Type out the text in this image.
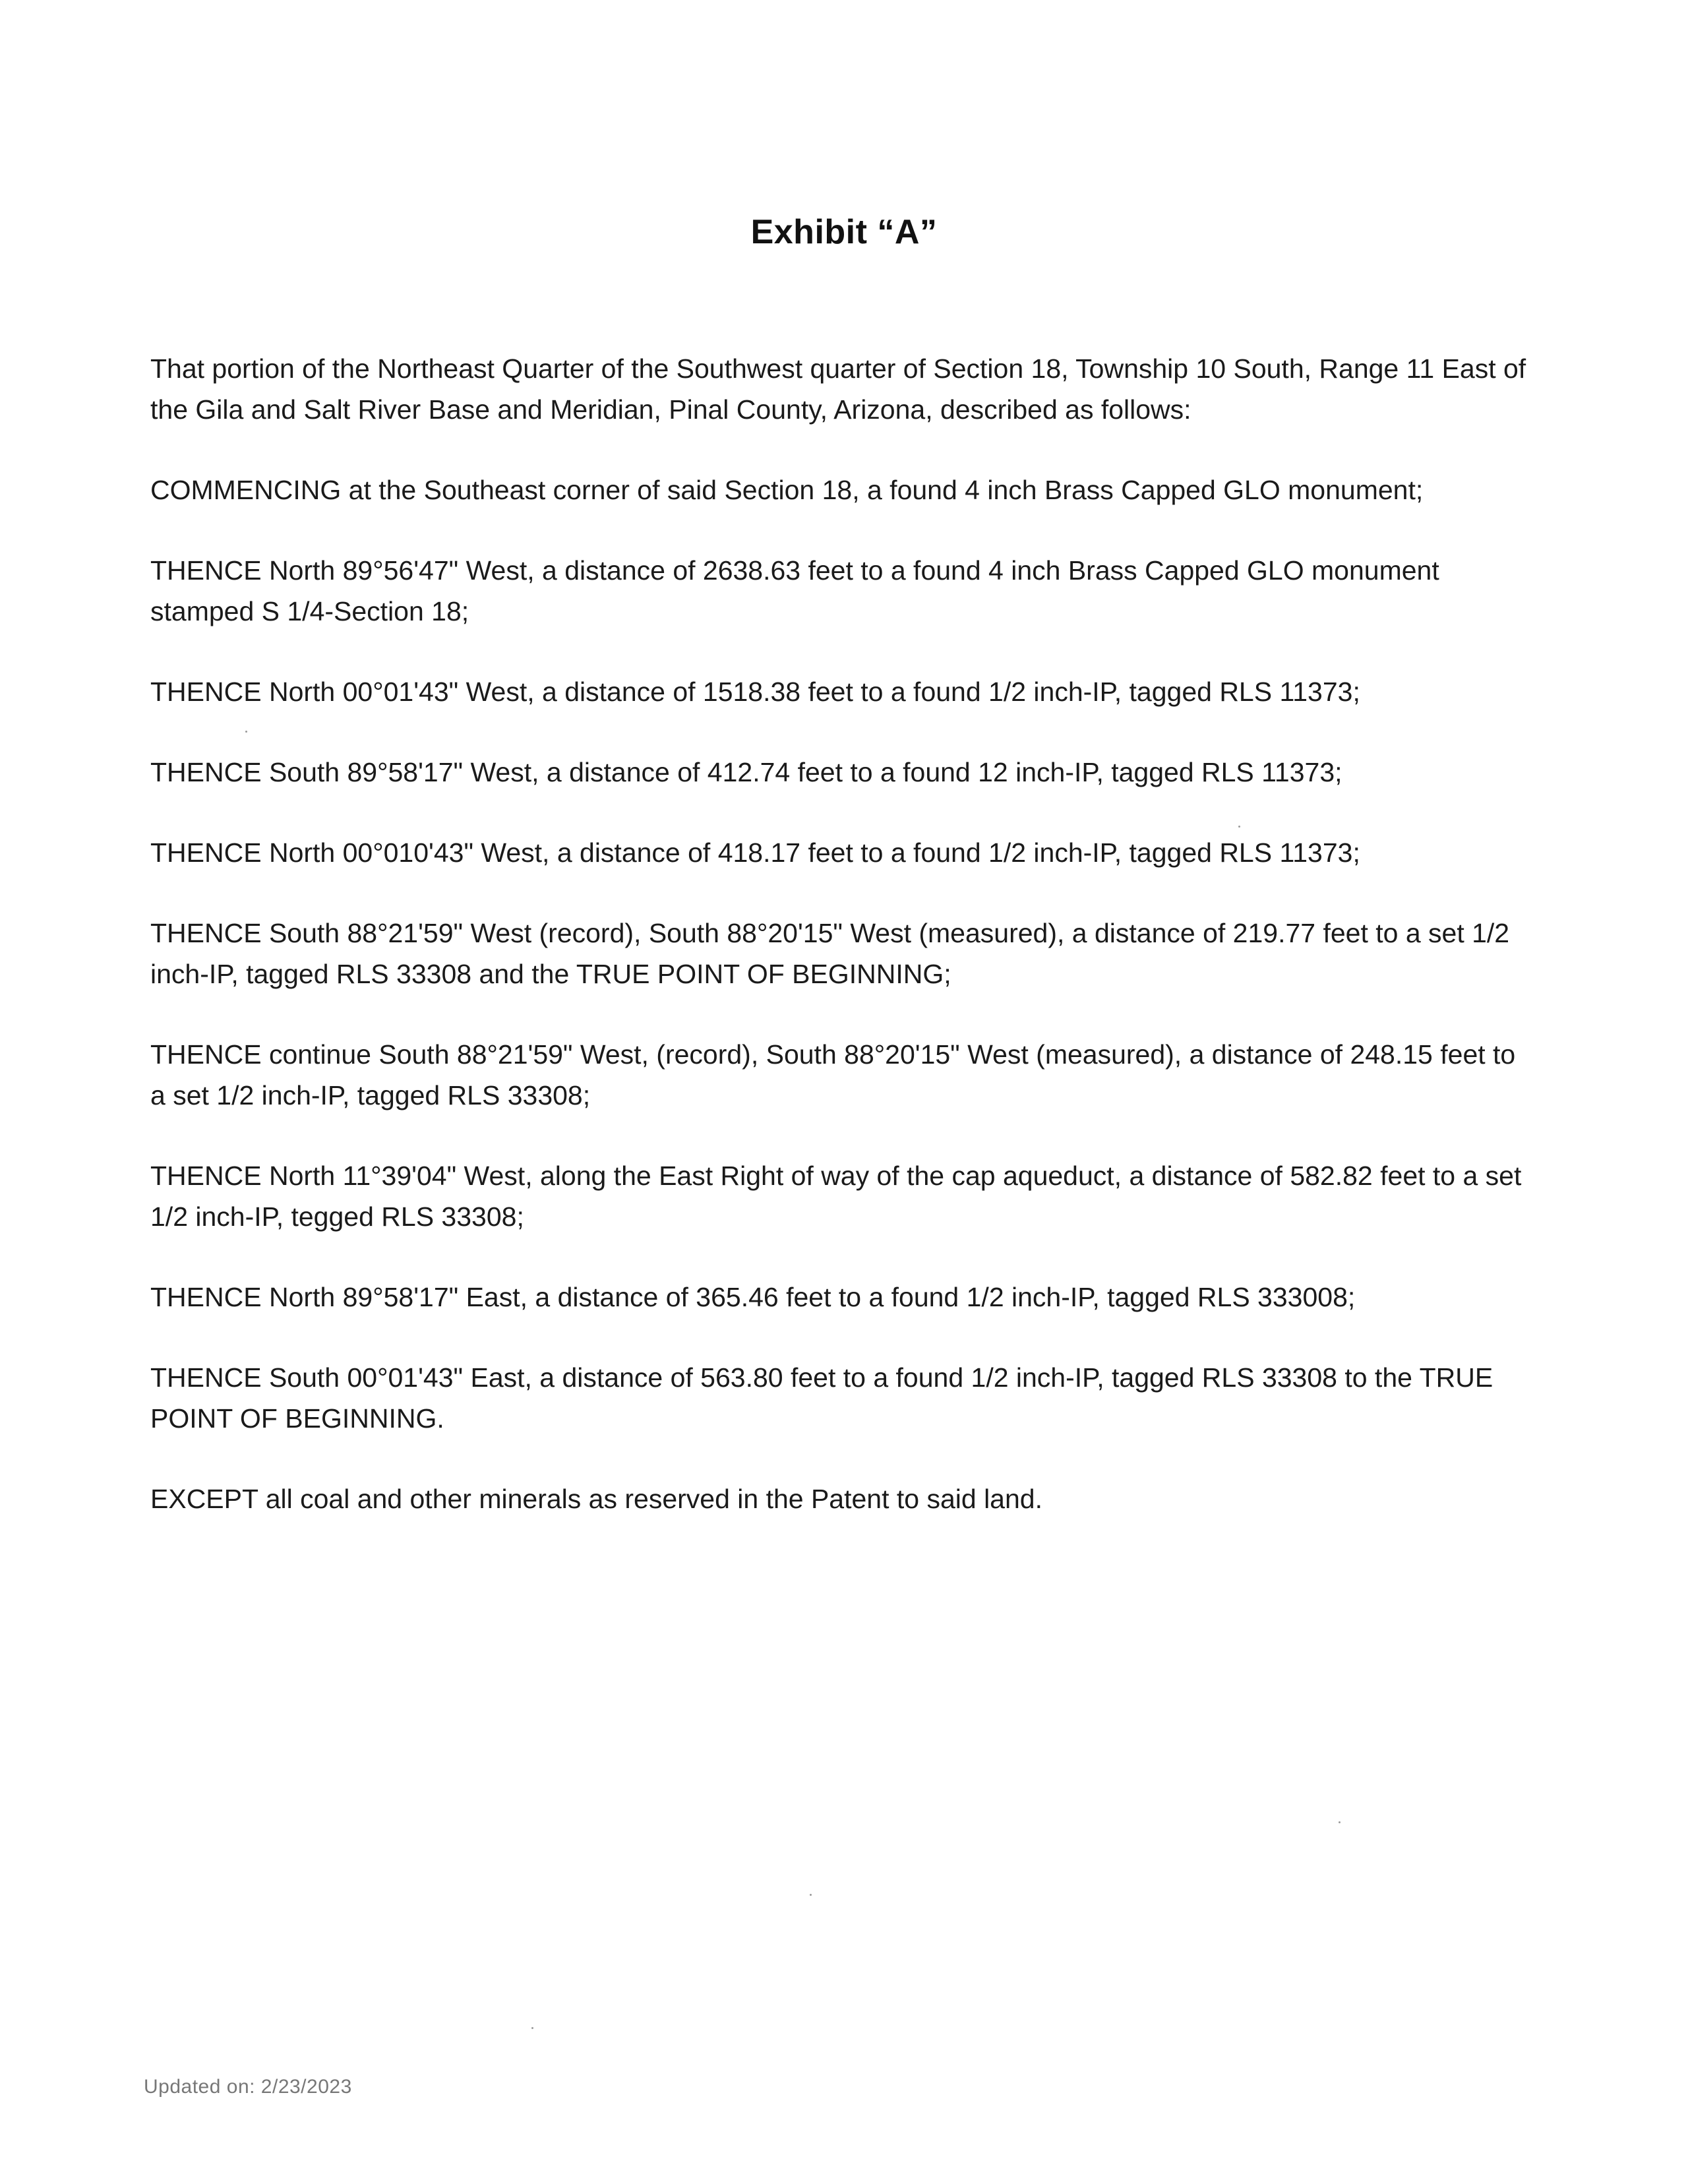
Exhibit “A”

That portion of the Northeast Quarter of the Southwest quarter of Section 18, Township 10 South, Range 11 East of the Gila and Salt River Base and Meridian, Pinal County, Arizona, described as follows:

COMMENCING at the Southeast corner of said Section 18, a found 4 inch Brass Capped GLO monument;

THENCE North 89°56'47" West, a distance of 2638.63 feet to a found 4 inch Brass Capped GLO monument stamped S 1/4-Section 18;

THENCE North 00°01'43" West, a distance of 1518.38 feet to a found 1/2 inch-IP, tagged RLS 11373;

THENCE South 89°58'17" West, a distance of 412.74 feet to a found 12 inch-IP, tagged RLS 11373;

THENCE North 00°010'43" West, a distance of 418.17 feet to a found 1/2 inch-IP, tagged RLS 11373;

THENCE South 88°21'59" West (record), South 88°20'15" West (measured), a distance of 219.77 feet to a set 1/2 inch-IP, tagged RLS 33308 and the TRUE POINT OF BEGINNING;

THENCE continue South 88°21'59" West, (record), South 88°20'15" West (measured), a distance of 248.15 feet to a set 1/2 inch-IP, tagged RLS 33308;

THENCE North 11°39'04" West, along the East Right of way of the cap aqueduct, a distance of 582.82 feet to a set 1/2 inch-IP, tegged RLS 33308;

THENCE North 89°58'17" East, a distance of 365.46 feet to a found 1/2 inch-IP, tagged RLS 333008;

THENCE South 00°01'43" East, a distance of 563.80 feet to a found 1/2 inch-IP, tagged RLS 33308 to the TRUE POINT OF BEGINNING.

EXCEPT all coal and other minerals as reserved in the Patent to said land.

Updated on: 2/23/2023
